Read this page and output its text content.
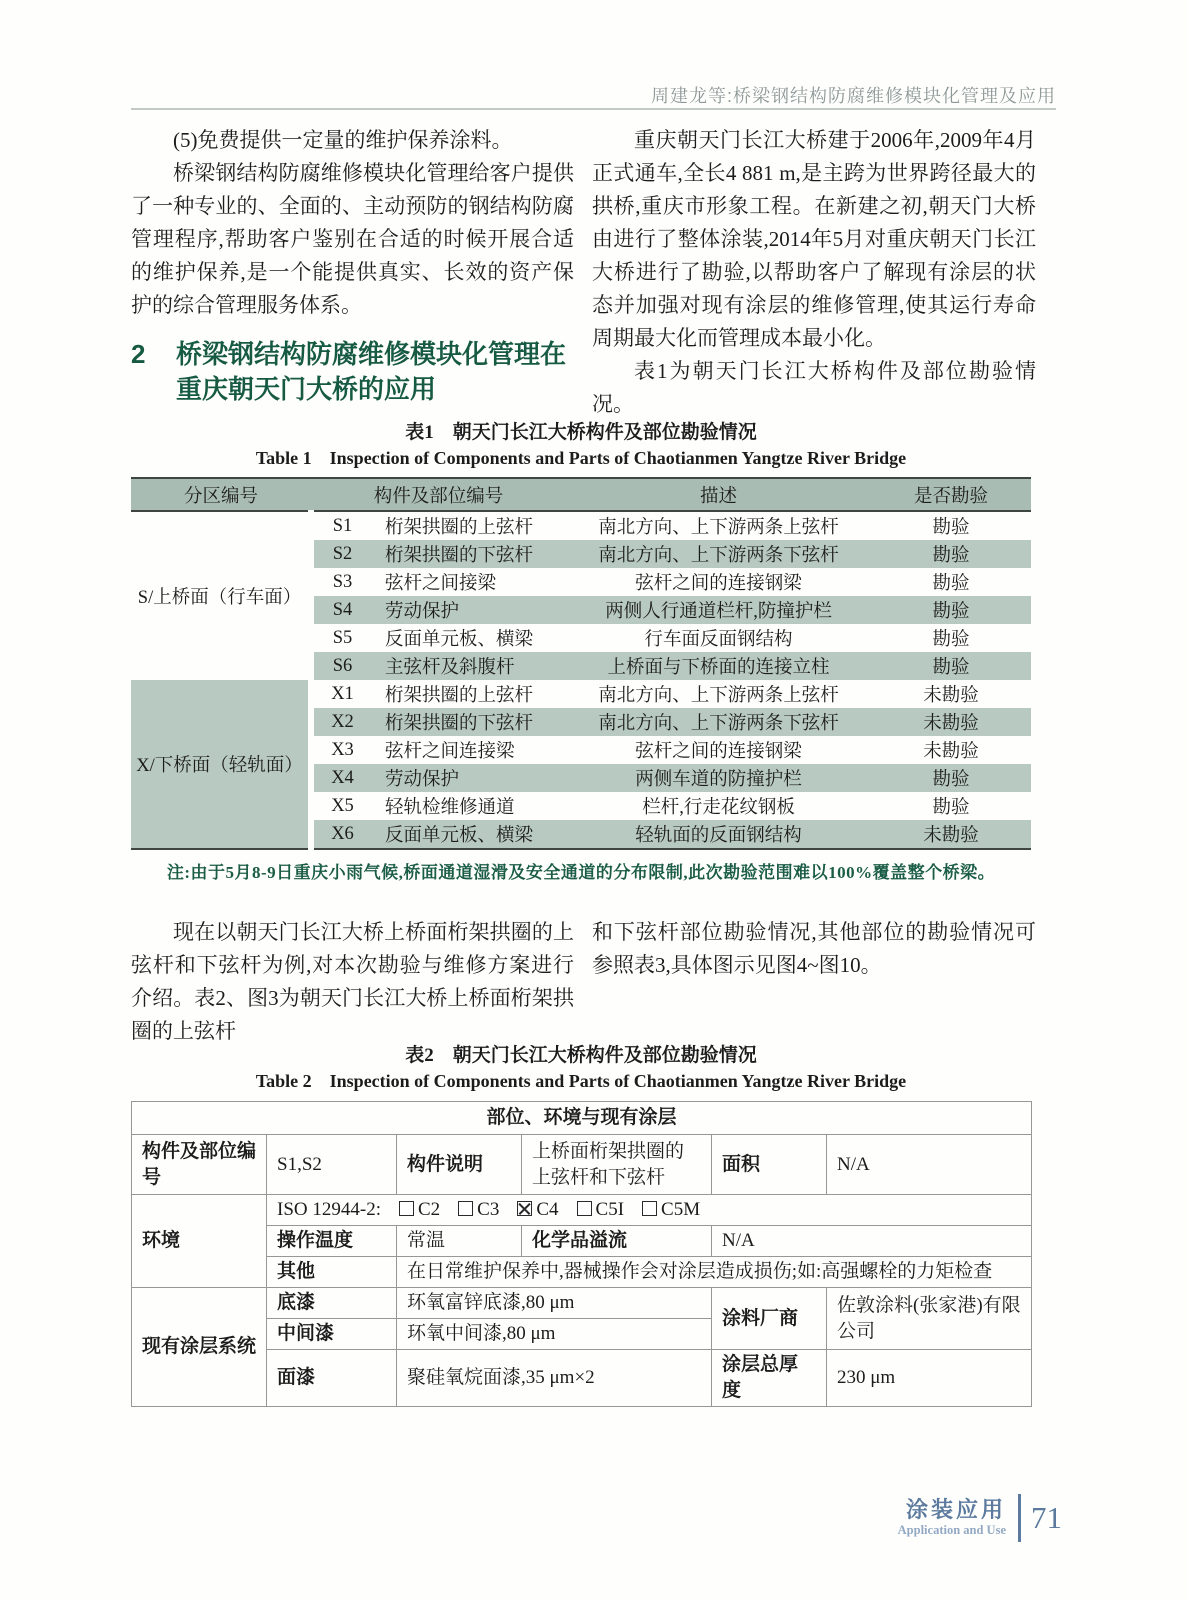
周建龙等:桥梁钢结构防腐维修模块化管理及应用

(5)免费提供一定量的维护保养涂料。

桥梁钢结构防腐维修模块化管理给客户提供了一种专业的、全面的、主动预防的钢结构防腐管理程序,帮助客户鉴别在合适的时候开展合适的维护保养,是一个能提供真实、长效的资产保护的综合管理服务体系。

2	桥梁钢结构防腐维修模块化管理在重庆朝天门大桥的应用

重庆朝天门长江大桥建于2006年,2009年4月正式通车,全长4 881 m,是主跨为世界跨径最大的拱桥,重庆市形象工程。在新建之初,朝天门大桥由进行了整体涂装,2014年5月对重庆朝天门长江大桥进行了勘验,以帮助客户了解现有涂层的状态并加强对现有涂层的维修管理,使其运行寿命周期最大化而管理成本最小化。

表1为朝天门长江大桥构件及部位勘验情况。

表1　朝天门长江大桥构件及部位勘验情况
Table 1　Inspection of Components and Parts of Chaotianmen Yangtze River Bridge
分区编号	构件及部位编号		描述	是否勘验
S/上桥面（行车面）	S1	桁架拱圈的上弦杆	南北方向、上下游两条上弦杆	勘验
	S2	桁架拱圈的下弦杆	南北方向、上下游两条下弦杆	勘验
	S3	弦杆之间接梁	弦杆之间的连接钢梁	勘验
	S4	劳动保护	两侧人行通道栏杆,防撞护栏	勘验
	S5	反面单元板、横梁	行车面反面钢结构	勘验
	S6	主弦杆及斜腹杆	上桥面与下桥面的连接立柱	勘验
X/下桥面（轻轨面）	X1	桁架拱圈的上弦杆	南北方向、上下游两条上弦杆	未勘验
	X2	桁架拱圈的下弦杆	南北方向、上下游两条下弦杆	未勘验
	X3	弦杆之间连接梁	弦杆之间的连接钢梁	未勘验
	X4	劳动保护	两侧车道的防撞护栏	勘验
	X5	轻轨检维修通道	栏杆,行走花纹钢板	勘验
	X6	反面单元板、横梁	轻轨面的反面钢结构	未勘验
注:由于5月8-9日重庆小雨气候,桥面通道湿滑及安全通道的分布限制,此次勘验范围难以100%覆盖整个桥梁。

现在以朝天门长江大桥上桥面桁架拱圈的上弦杆和下弦杆为例,对本次勘验与维修方案进行介绍。表2、图3为朝天门长江大桥上桥面桁架拱圈的上弦杆

和下弦杆部位勘验情况,其他部位的勘验情况可参照表3,具体图示见图4~图10。

表2　朝天门长江大桥构件及部位勘验情况
Table 2　Inspection of Components and Parts of Chaotianmen Yangtze River Bridge
部位、环境与现有涂层					
构件及部位编号	S1,S2	构件说明	上桥面桁架拱圈的上弦杆和下弦杆	面积	N/A
环境	ISO 12944-2: C2 C3 C4 C5I C5M				
	操作温度	常温	化学品溢流	N/A	
	其他	在日常维护保养中,器械操作会对涂层造成损伤;如:高强螺栓的力矩检查			
现有涂层系统	底漆	环氧富锌底漆,80 μm		涂料厂商	佐敦涂料(张家港)有限公司
	中间漆	环氧中间漆,80 μm			
	面漆	聚硅氧烷面漆,35 μm×2		涂层总厚度	230 μm
涂装应用
Application and Use 71
